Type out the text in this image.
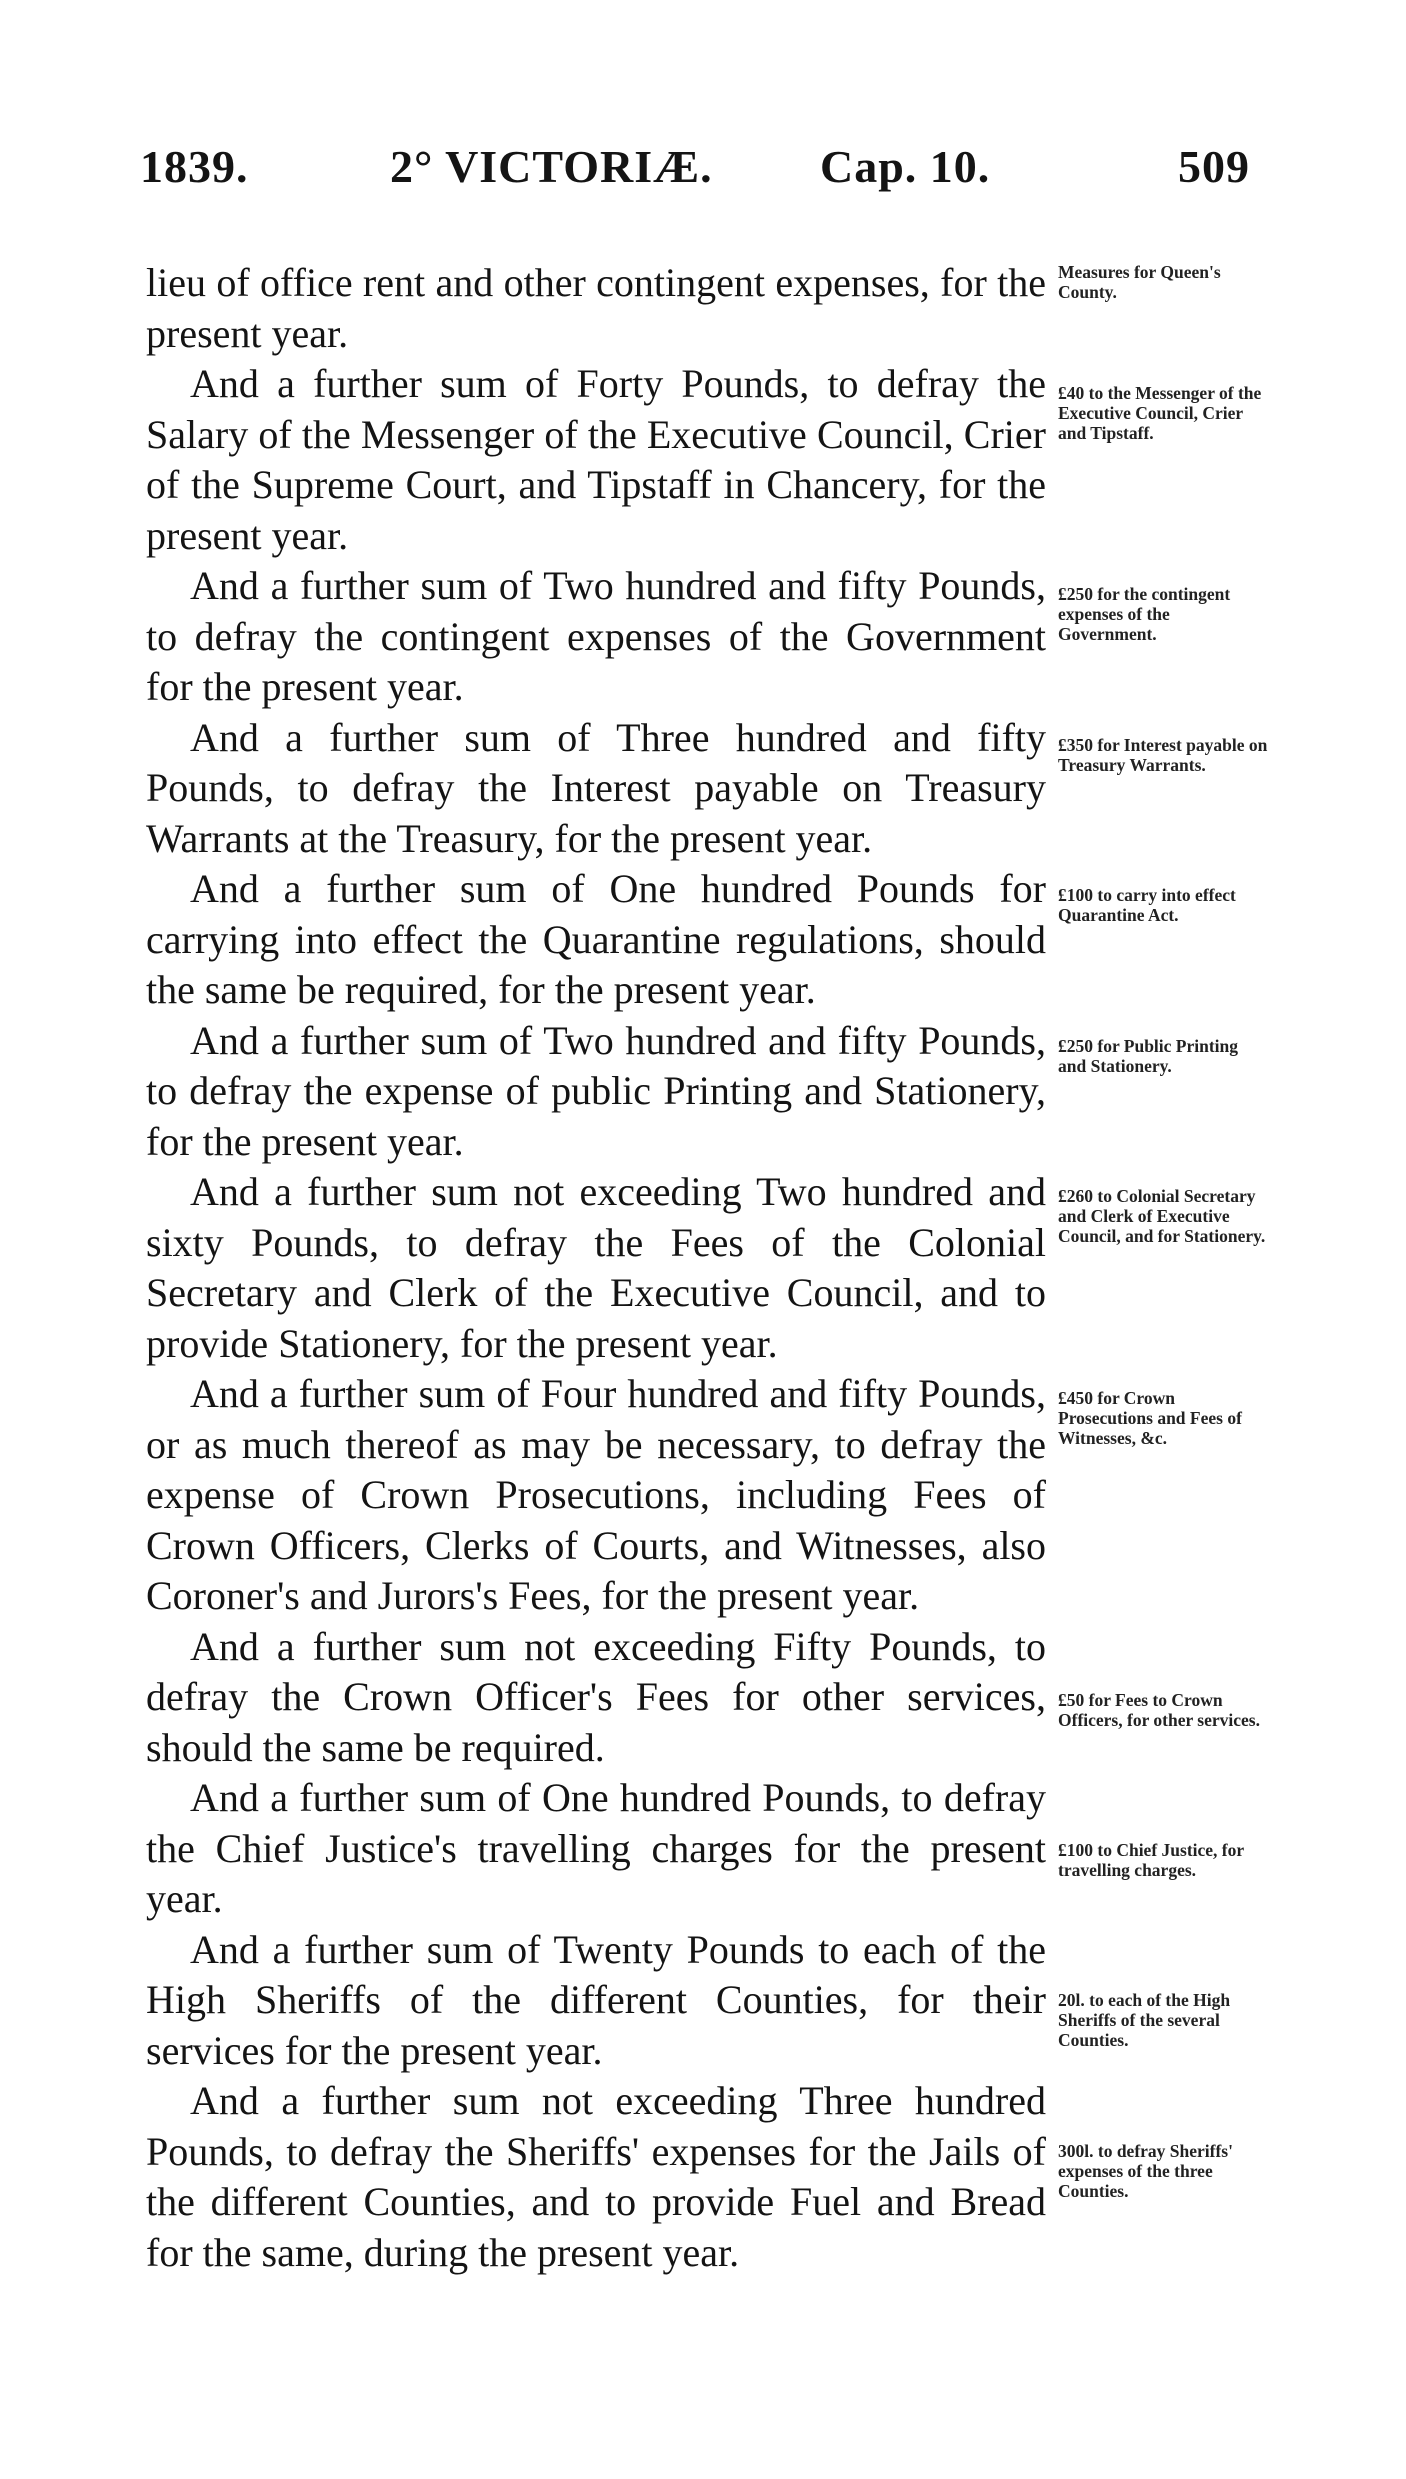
1839.	2° VICTORIÆ. Cap. 10.	509

lieu of office rent and other contingent expenses, for the present year.

And a further sum of Forty Pounds, to defray the Salary of the Messenger of the Executive Council, Crier of the Supreme Court, and Tipstaff in Chancery, for the present year.

And a further sum of Two hundred and fifty Pounds, to defray the contingent expenses of the Government for the present year.

And a further sum of Three hundred and fifty Pounds, to defray the Interest payable on Treasury Warrants at the Treasury, for the present year.

And a further sum of One hundred Pounds for carrying into effect the Quarantine regulations, should the same be required, for the present year.

And a further sum of Two hundred and fifty Pounds, to defray the expense of public Printing and Stationery, for the present year.

And a further sum not exceeding Two hundred and sixty Pounds, to defray the Fees of the Colonial Secretary and Clerk of the Executive Council, and to provide Stationery, for the present year.

And a further sum of Four hundred and fifty Pounds, or as much thereof as may be necessary, to defray the expense of Crown Prosecutions, including Fees of Crown Officers, Clerks of Courts, and Witnesses, also Coroner's and Jurors's Fees, for the present year.

And a further sum not exceeding Fifty Pounds, to defray the Crown Officer's Fees for other services, should the same be required.

And a further sum of One hundred Pounds, to defray the Chief Justice's travelling charges for the present year.

And a further sum of Twenty Pounds to each of the High Sheriffs of the different Counties, for their services for the present year.

And a further sum not exceeding Three hundred Pounds, to defray the Sheriffs' expenses for the Jails of the different Counties, and to provide Fuel and Bread for the same, during the present year.

Measures for Queen's County.
£40 to the Messenger of the Executive Council, Crier and Tipstaff.
£250 for the contingent expenses of the Government.
£350 for Interest payable on Treasury Warrants.
£100 to carry into effect Quarantine Act.
£250 for Public Printing and Stationery.
£260 to Colonial Secretary and Clerk of Executive Council, and for Stationery.
£450 for Crown Prosecutions and Fees of Witnesses, &c.
£50 for Fees to Crown Officers, for other services.
£100 to Chief Justice, for travelling charges.
20l. to each of the High Sheriffs of the several Counties.
300l. to defray Sheriffs' expenses of the three Counties.
